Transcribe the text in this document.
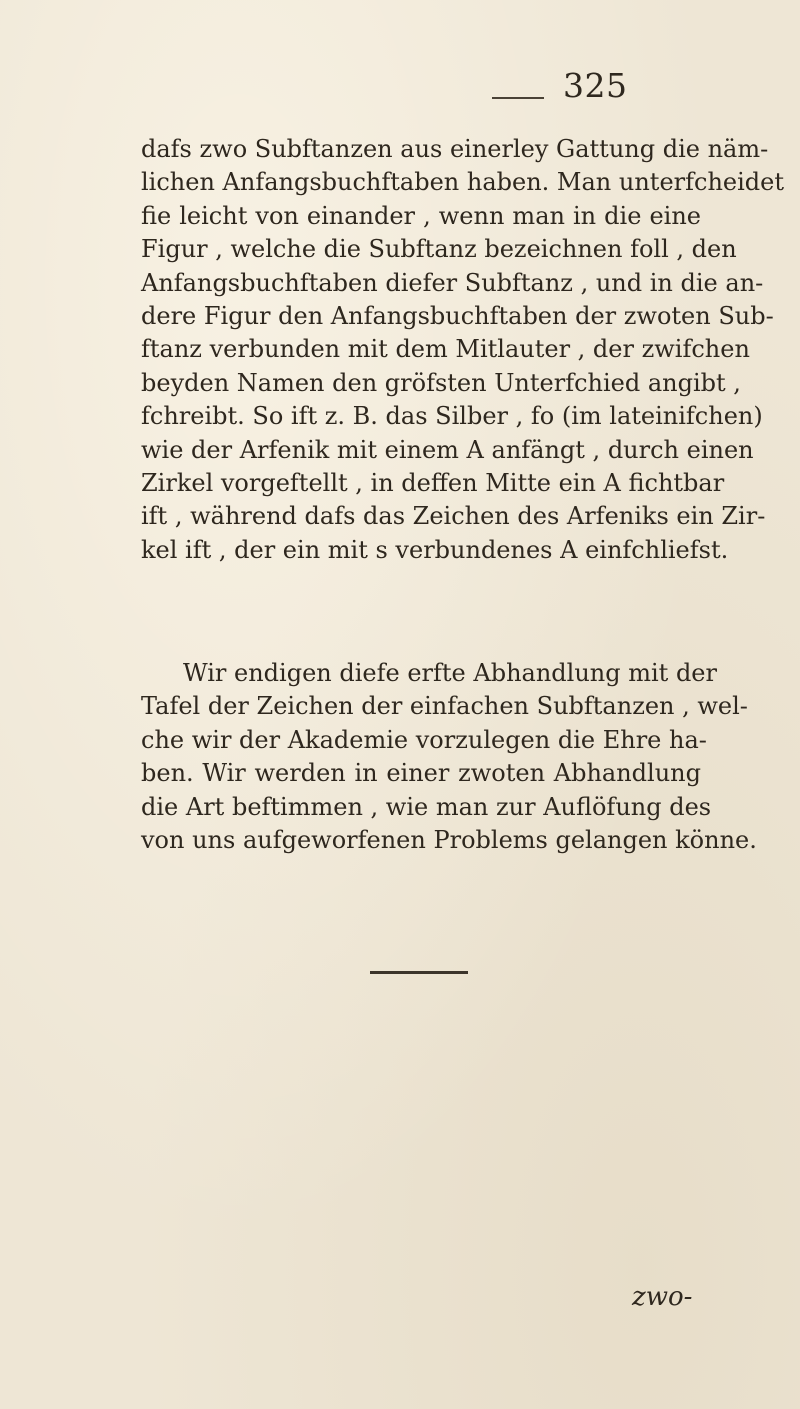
325
dafs zwo Subftanzen aus einerley Gattung die näm-
lichen Anfangsbuchftaben haben. Man unterfcheidet
fie leicht von einander , wenn man in die eine
Figur , welche die Subftanz bezeichnen foll , den
Anfangsbuchftaben diefer Subftanz , und in die an-
dere Figur den Anfangsbuchftaben der zwoten Sub-
ftanz verbunden mit dem Mitlauter , der zwifchen
beyden Namen den gröfsten Unterfchied angibt ,
fchreibt. So ift z. B. das Silber , fo (im lateinifchen)
wie der Arfenik mit einem A anfängt , durch einen
Zirkel vorgeftellt , in deffen Mitte ein A fichtbar
ift , während dafs das Zeichen des Arfeniks ein Zir-
kel ift , der ein mit s verbundenes A einfchliefst.
Wir endigen diefe erfte Abhandlung mit der
Tafel der Zeichen der einfachen Subftanzen , wel-
che wir der Akademie vorzulegen die Ehre ha-
ben. Wir werden in einer zwoten Abhandlung
die Art beftimmen , wie man zur Auflöfung des
von uns aufgeworfenen Problems gelangen könne.
zwo-
